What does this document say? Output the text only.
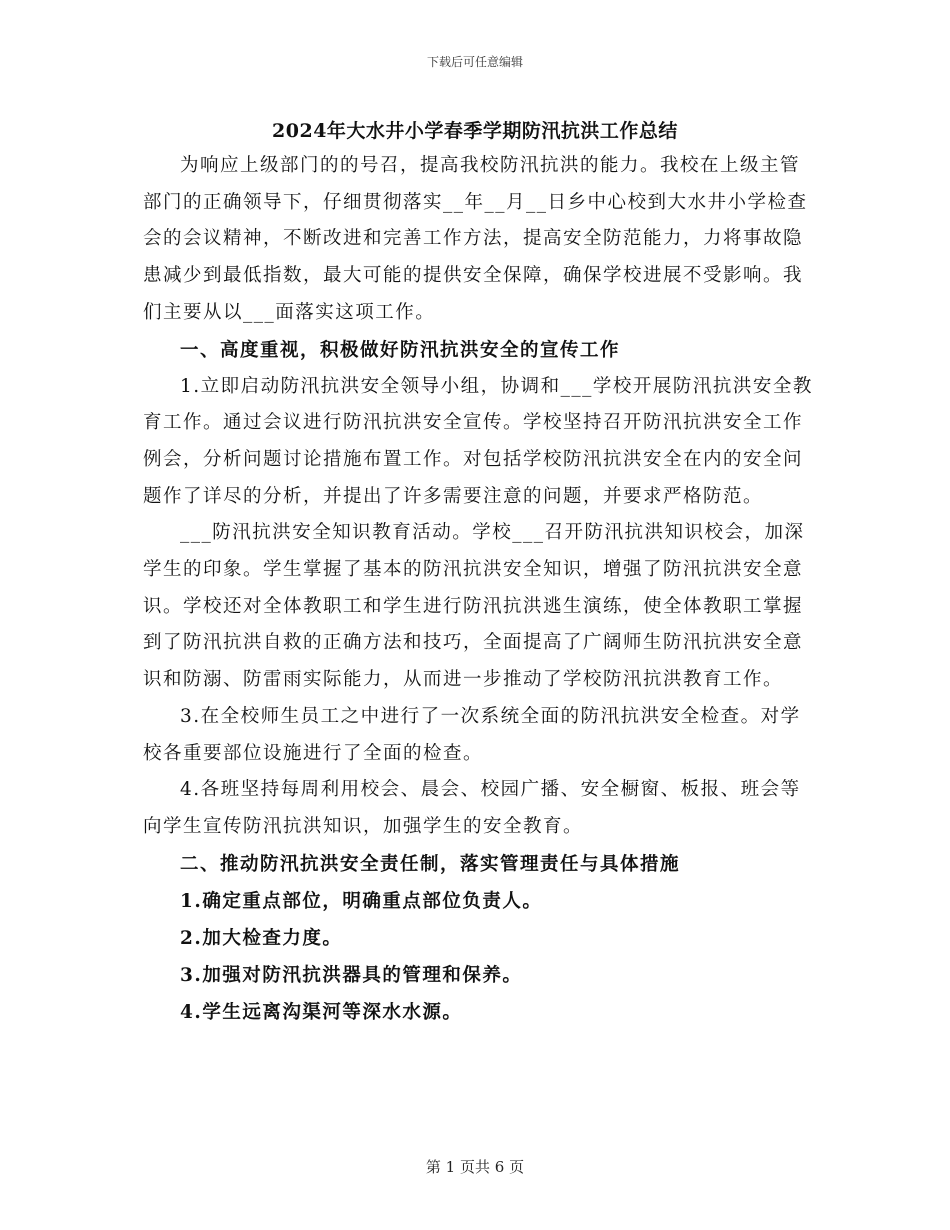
下载后可任意编辑
2024年大水井小学春季学期防汛抗洪工作总结

为响应上级部门的的号召，提高我校防汛抗洪的能力。我校在上级主管部门的正确领导下，仔细贯彻落实__年__月__日乡中心校到大水井小学检查会的会议精神，不断改进和完善工作方法，提高安全防范能力，力将事故隐患减少到最低指数，最大可能的提供安全保障，确保学校进展不受影响。我们主要从以___面落实这项工作。

一、高度重视，积极做好防汛抗洪安全的宣传工作

1.立即启动防汛抗洪安全领导小组，协调和___学校开展防汛抗洪安全教育工作。通过会议进行防汛抗洪安全宣传。学校坚持召开防汛抗洪安全工作例会，分析问题讨论措施布置工作。对包括学校防汛抗洪安全在内的安全问题作了详尽的分析，并提出了许多需要注意的问题，并要求严格防范。

___防汛抗洪安全知识教育活动。学校___召开防汛抗洪知识校会，加深学生的印象。学生掌握了基本的防汛抗洪安全知识，增强了防汛抗洪安全意识。学校还对全体教职工和学生进行防汛抗洪逃生演练，使全体教职工掌握到了防汛抗洪自救的正确方法和技巧，全面提高了广阔师生防汛抗洪安全意识和防溺、防雷雨实际能力，从而进一步推动了学校防汛抗洪教育工作。

3.在全校师生员工之中进行了一次系统全面的防汛抗洪安全检查。对学校各重要部位设施进行了全面的检查。

4.各班坚持每周利用校会、晨会、校园广播、安全橱窗、板报、班会等向学生宣传防汛抗洪知识，加强学生的安全教育。

二、推动防汛抗洪安全责任制，落实管理责任与具体措施

1.确定重点部位，明确重点部位负责人。

2.加大检查力度。

3.加强对防汛抗洪器具的管理和保养。

4.学生远离沟渠河等深水水源。

第 1 页共 6 页
